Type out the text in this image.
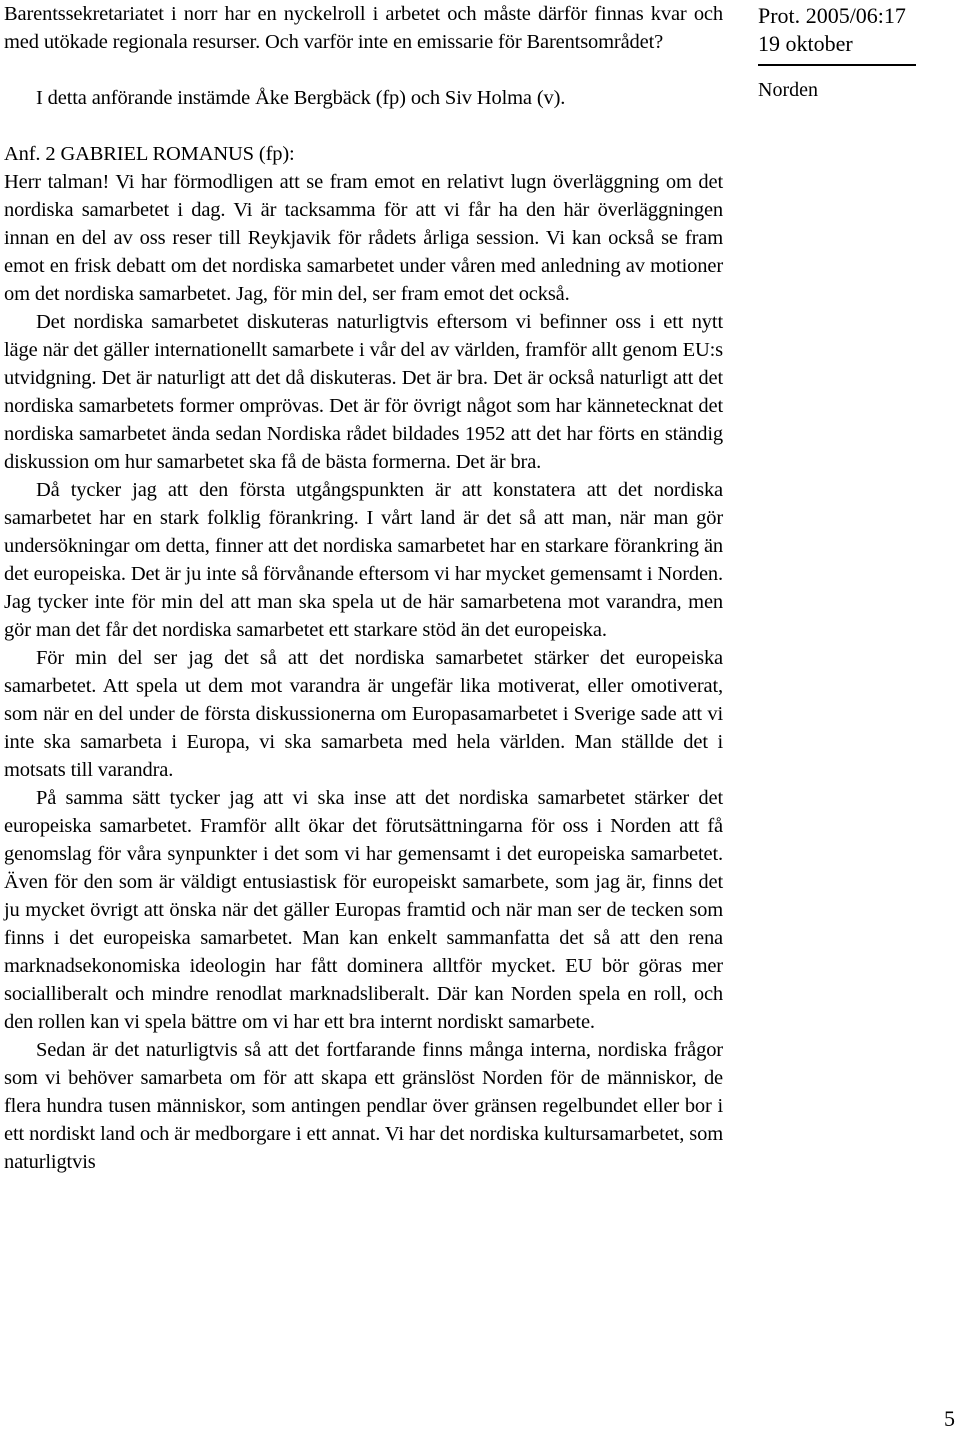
Barentssekretariatet i norr har en nyckelroll i arbetet och måste därför finnas kvar och med utökade regionala resurser. Och varför inte en emissarie för Barentsområdet?

I detta anförande instämde Åke Bergbäck (fp) och Siv Holma (v).

Anf. 2 GABRIEL ROMANUS (fp):

Herr talman! Vi har förmodligen att se fram emot en relativt lugn överläggning om det nordiska samarbetet i dag. Vi är tacksamma för att vi får ha den här överläggningen innan en del av oss reser till Reykjavik för rådets årliga session. Vi kan också se fram emot en frisk debatt om det nordiska samarbetet under våren med anledning av motioner om det nordiska samarbetet. Jag, för min del, ser fram emot det också.

Det nordiska samarbetet diskuteras naturligtvis eftersom vi befinner oss i ett nytt läge när det gäller internationellt samarbete i vår del av världen, framför allt genom EU:s utvidgning. Det är naturligt att det då diskuteras. Det är bra. Det är också naturligt att det nordiska samarbetets former omprövas. Det är för övrigt något som har kännetecknat det nordiska samarbetet ända sedan Nordiska rådet bildades 1952 att det har förts en ständig diskussion om hur samarbetet ska få de bästa formerna. Det är bra.

Då tycker jag att den första utgångspunkten är att konstatera att det nordiska samarbetet har en stark folklig förankring. I vårt land är det så att man, när man gör undersökningar om detta, finner att det nordiska samarbetet har en starkare förankring än det europeiska. Det är ju inte så förvånande eftersom vi har mycket gemensamt i Norden. Jag tycker inte för min del att man ska spela ut de här samarbetena mot varandra, men gör man det får det nordiska samarbetet ett starkare stöd än det europeiska.

För min del ser jag det så att det nordiska samarbetet stärker det europeiska samarbetet. Att spela ut dem mot varandra är ungefär lika motiverat, eller omotiverat, som när en del under de första diskussionerna om Europasamarbetet i Sverige sade att vi inte ska samarbeta i Europa, vi ska samarbeta med hela världen. Man ställde det i motsats till varandra.

På samma sätt tycker jag att vi ska inse att det nordiska samarbetet stärker det europeiska samarbetet. Framför allt ökar det förutsättningarna för oss i Norden att få genomslag för våra synpunkter i det som vi har gemensamt i det europeiska samarbetet. Även för den som är väldigt entusiastisk för europeiskt samarbete, som jag är, finns det ju mycket övrigt att önska när det gäller Europas framtid och när man ser de tecken som finns i det europeiska samarbetet. Man kan enkelt sammanfatta det så att den rena marknadsekonomiska ideologin har fått dominera alltför mycket. EU bör göras mer socialliberalt och mindre renodlat marknadsliberalt. Där kan Norden spela en roll, och den rollen kan vi spela bättre om vi har ett bra internt nordiskt samarbete.

Sedan är det naturligtvis så att det fortfarande finns många interna, nordiska frågor som vi behöver samarbeta om för att skapa ett gränslöst Norden för de människor, de flera hundra tusen människor, som antingen pendlar över gränsen regelbundet eller bor i ett nordiskt land och är medborgare i ett annat. Vi har det nordiska kultursamarbetet, som naturligtvis

Prot. 2005/06:17
19 oktober
Norden
5
